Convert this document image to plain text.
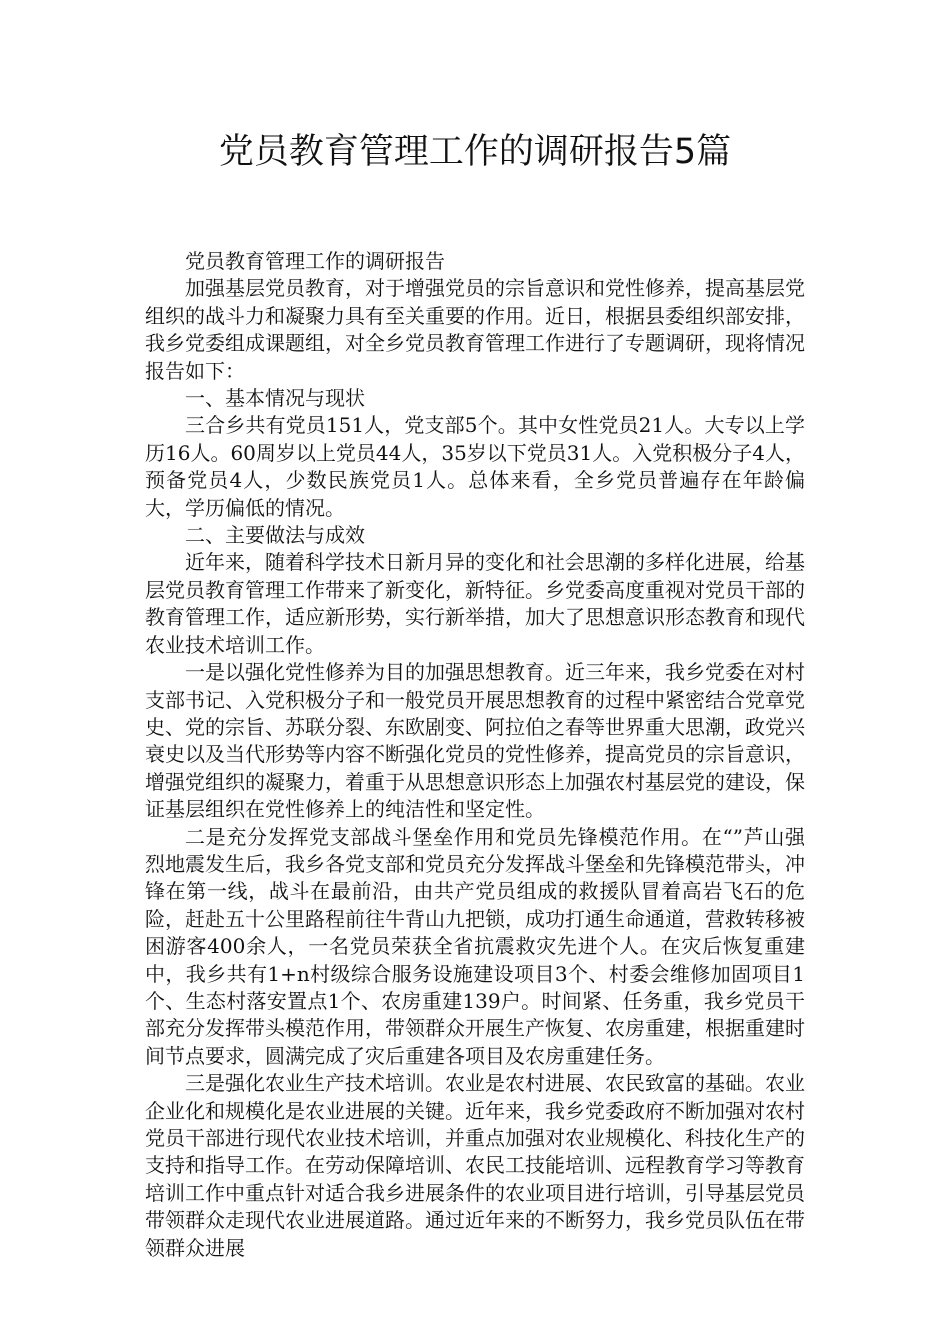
党员教育管理工作的调研报告5篇

党员教育管理工作的调研报告

加强基层党员教育，对于增强党员的宗旨意识和党性修养，提高基层党组织的战斗力和凝聚力具有至关重要的作用。近日，根据县委组织部安排，我乡党委组成课题组，对全乡党员教育管理工作进行了专题调研，现将情况报告如下：

一、基本情况与现状

三合乡共有党员151人，党支部5个。其中女性党员21人。大专以上学历16人。60周岁以上党员44人，35岁以下党员31人。入党积极分子4人，预备党员4人，少数民族党员1人。总体来看，全乡党员普遍存在年龄偏大，学历偏低的情况。

二、主要做法与成效

近年来，随着科学技术日新月异的变化和社会思潮的多样化进展，给基层党员教育管理工作带来了新变化，新特征。乡党委高度重视对党员干部的教育管理工作，适应新形势，实行新举措，加大了思想意识形态教育和现代农业技术培训工作。

一是以强化党性修养为目的加强思想教育。近三年来，我乡党委在对村支部书记、入党积极分子和一般党员开展思想教育的过程中紧密结合党章党史、党的宗旨、苏联分裂、东欧剧变、阿拉伯之春等世界重大思潮，政党兴衰史以及当代形势等内容不断强化党员的党性修养，提高党员的宗旨意识，增强党组织的凝聚力，着重于从思想意识形态上加强农村基层党的建设，保证基层组织在党性修养上的纯洁性和坚定性。

二是充分发挥党支部战斗堡垒作用和党员先锋模范作用。在“”芦山强烈地震发生后，我乡各党支部和党员充分发挥战斗堡垒和先锋模范带头，冲锋在第一线，战斗在最前沿，由共产党员组成的救援队冒着高岩飞石的危险，赶赴五十公里路程前往牛背山九把锁，成功打通生命通道，营救转移被困游客400余人，一名党员荣获全省抗震救灾先进个人。在灾后恢复重建中，我乡共有1+n村级综合服务设施建设项目3个、村委会维修加固项目1个、生态村落安置点1个、农房重建139户。时间紧、任务重，我乡党员干部充分发挥带头模范作用，带领群众开展生产恢复、农房重建，根据重建时间节点要求，圆满完成了灾后重建各项目及农房重建任务。

三是强化农业生产技术培训。农业是农村进展、农民致富的基础。农业企业化和规模化是农业进展的关键。近年来，我乡党委政府不断加强对农村党员干部进行现代农业技术培训，并重点加强对农业规模化、科技化生产的支持和指导工作。在劳动保障培训、农民工技能培训、远程教育学习等教育培训工作中重点针对适合我乡进展条件的农业项目进行培训，引导基层党员带领群众走现代农业进展道路。通过近年来的不断努力，我乡党员队伍在带领群众进展
